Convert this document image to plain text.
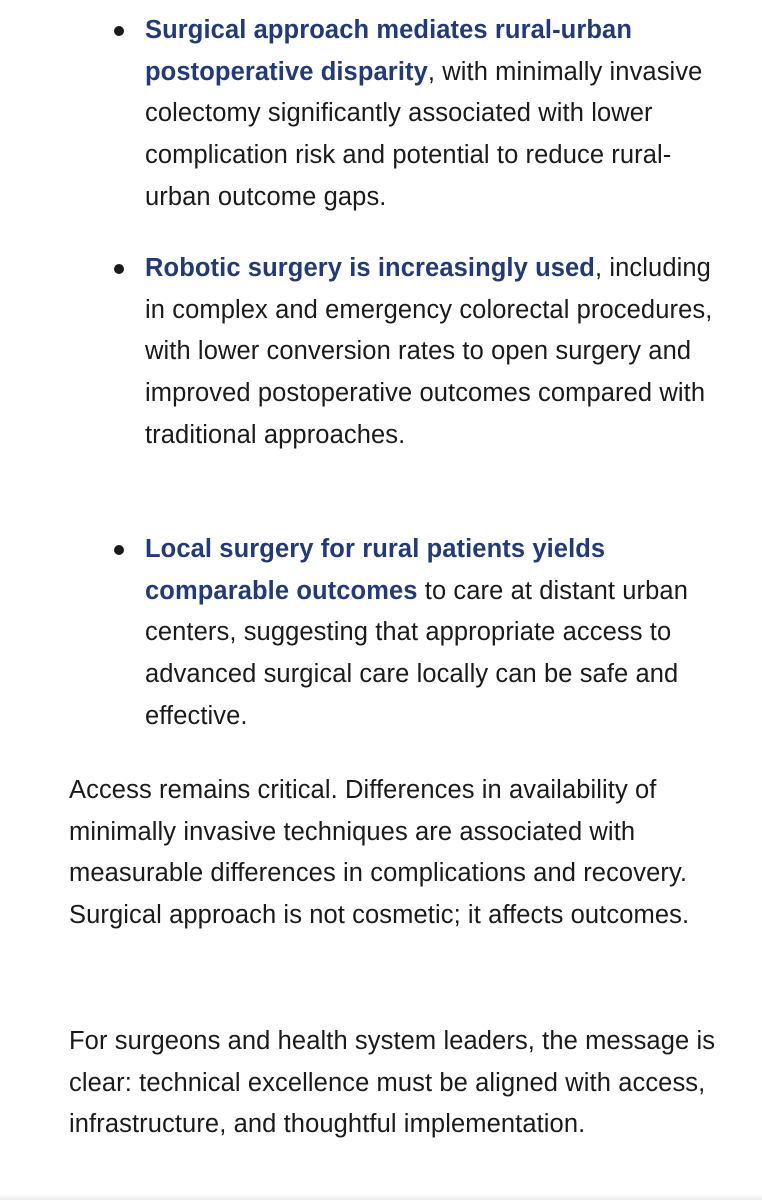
Surgical approach mediates rural-urban postoperative disparity, with minimally invasive colectomy significantly associated with lower complication risk and potential to reduce rural-urban outcome gaps.
Robotic surgery is increasingly used, including in complex and emergency colorectal procedures, with lower conversion rates to open surgery and improved postoperative outcomes compared with traditional approaches.
Local surgery for rural patients yields comparable outcomes to care at distant urban centers, suggesting that appropriate access to advanced surgical care locally can be safe and effective.

Access remains critical. Differences in availability of minimally invasive techniques are associated with measurable differences in complications and recovery. Surgical approach is not cosmetic; it affects outcomes.

For surgeons and health system leaders, the message is clear: technical excellence must be aligned with access, infrastructure, and thoughtful implementation.
